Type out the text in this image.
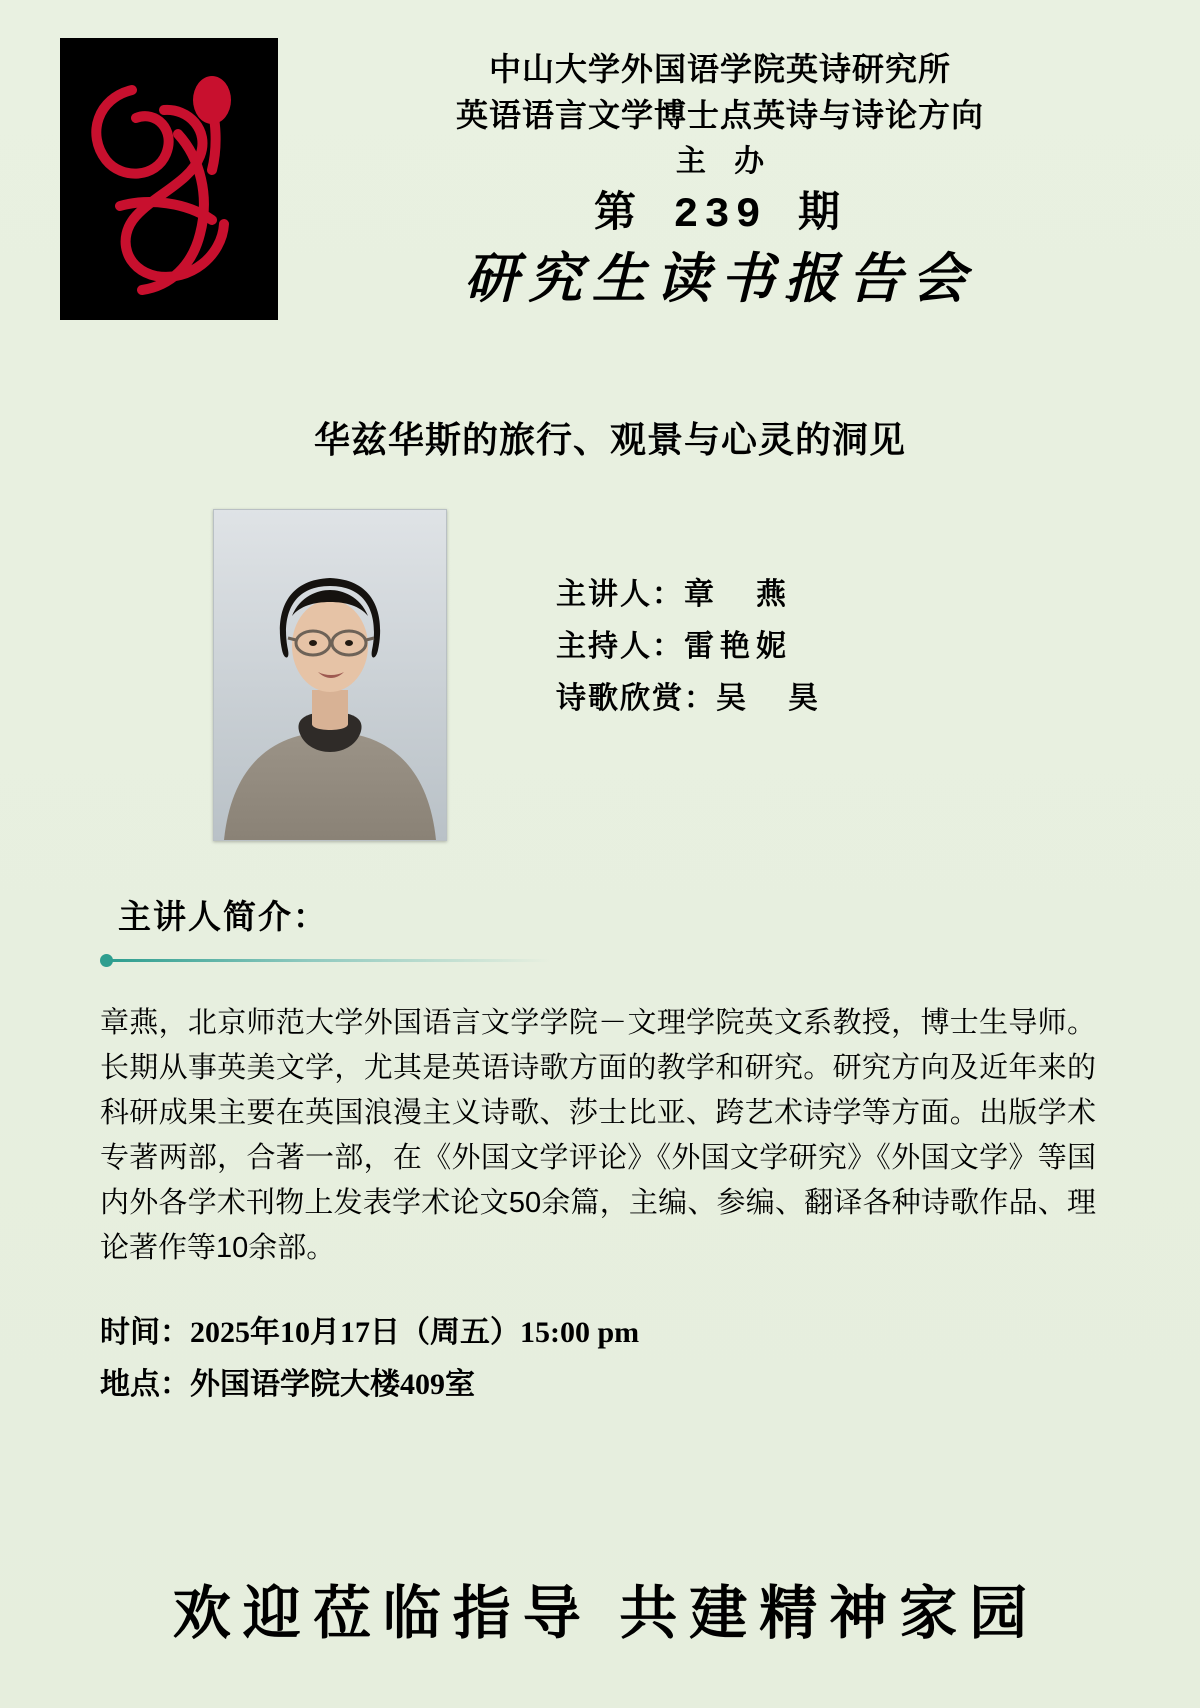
中山大学外国语学院英诗研究所
英语语言文学博士点英诗与诗论方向
主 办
第 239 期
研究生读书报告会
华兹华斯的旅行、观景与心灵的洞见
主讲人：章　燕
主持人：雷艳妮
诗歌欣赏：吴　昊
主讲人简介：
章燕，北京师范大学外国语言文学学院－文理学院英文系教授，博士生导师。长期从事英美文学，尤其是英语诗歌方面的教学和研究。研究方向及近年来的科研成果主要在英国浪漫主义诗歌、莎士比亚、跨艺术诗学等方面。出版学术专著两部，合著一部，在《外国文学评论》《外国文学研究》《外国文学》等国内外各学术刊物上发表学术论文50余篇，主编、参编、翻译各种诗歌作品、理论著作等10余部。
时间：2025年10月17日（周五）15:00 pm
地点：外国语学院大楼409室
欢迎莅临指导 共建精神家园
